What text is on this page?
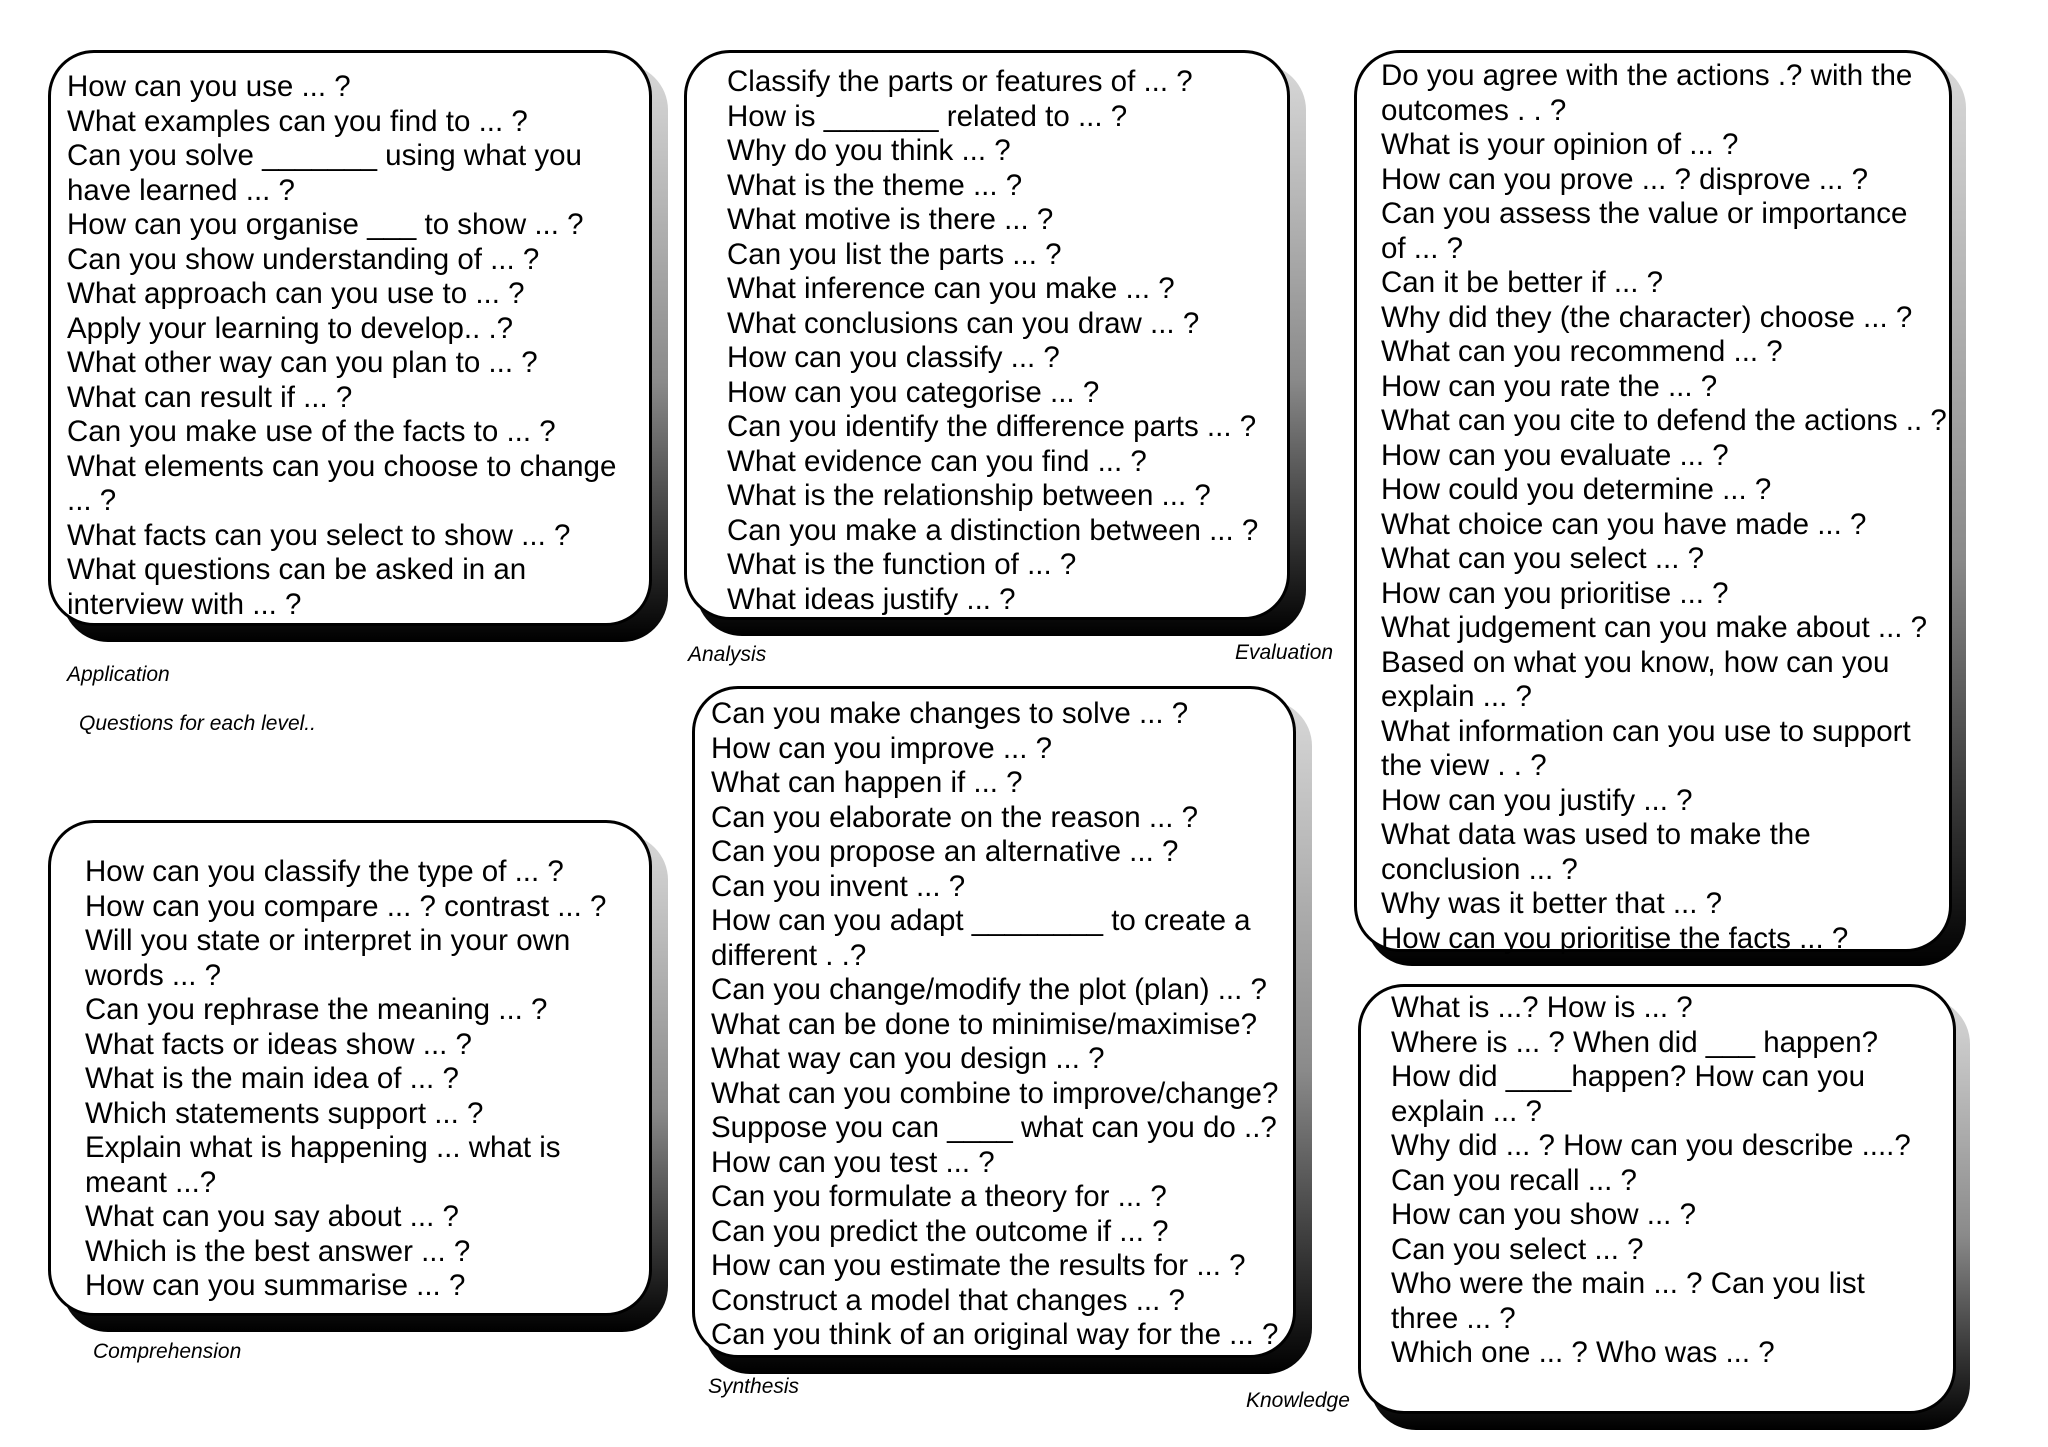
How can you use ... ?
What examples can you find to ... ?
Can you solve _______ using what you
have learned ... ?
How can you organise ___ to show ... ?
Can you show understanding of ... ?
What approach can you use to ... ?
Apply your learning to develop.. .?
What other way can you plan to ... ?
What can result if ... ?
Can you make use of the facts to ... ?
What elements can you choose to change
... ?
What facts can you select to show ... ?
What questions can be asked in an
interview with ... ?
Classify the parts or features of ... ?
How is _______ related to ... ?
Why do you think ... ?
What is the theme ... ?
What motive is there ... ?
Can you list the parts ... ?
What inference can you make ... ?
What conclusions can you draw ... ?
How can you classify ... ?
How can you categorise ... ?
Can you identify the difference parts ... ?
What evidence can you find ... ?
What is the relationship between ... ?
Can you make a distinction between ... ?
What is the function of ... ?
What ideas justify ... ?
Do you agree with the actions .? with the
outcomes . . ?
What is your opinion of ... ?
How can you prove ... ? disprove ... ?
Can you assess the value or importance
of ... ?
Can it be better if ... ?
Why did they (the character) choose ... ?
What can you recommend ... ?
How can you rate the ... ?
What can you cite to defend the actions .. ?
How can you evaluate ... ?
How could you determine ... ?
What choice can you have made ... ?
What can you select ... ?
How can you prioritise ... ?
What judgement can you make about ... ?
Based on what you know, how can you
explain ... ?
What information can you use to support
the view . . ?
How can you justify ... ?
What data was used to make the
conclusion ... ?
Why was it better that ... ?
How can you prioritise the facts ... ?
How can you classify the type of ... ?
How can you compare ... ? contrast ... ?
Will you state or interpret in your own
words ... ?
Can you rephrase the meaning ... ?
What facts or ideas show ... ?
What is the main idea of ... ?
Which statements support ... ?
Explain what is happening ... what is
meant ...?
What can you say about ... ?
Which is the best answer ... ?
How can you summarise ... ?
Can you make changes to solve ... ?
How can you improve ... ?
What can happen if ... ?
Can you elaborate on the reason ... ?
Can you propose an alternative ... ?
Can you invent ... ?
How can you adapt ________ to create a
different . .?
Can you change/modify the plot (plan) ... ?
What can be done to minimise/maximise?
What way can you design ... ?
What can you combine to improve/change?
Suppose you can ____ what can you do ..?
How can you test ... ?
Can you formulate a theory for ... ?
Can you predict the outcome if ... ?
How can you estimate the results for ... ?
Construct a model that changes ... ?
Can you think of an original way for the ... ?
What is ...? How is ... ?
Where is ... ? When did ___ happen?
How did ____happen? How can you
explain ... ?
Why did ... ? How can you describe ....?
Can you recall ... ?
How can you show ... ?
Can you select ... ?
Who were the main ... ? Can you list
three ... ?
Which one ... ? Who was ... ?
Application
Questions for each level..
Analysis	Evaluation
Comprehension
Synthesis
Knowledge
